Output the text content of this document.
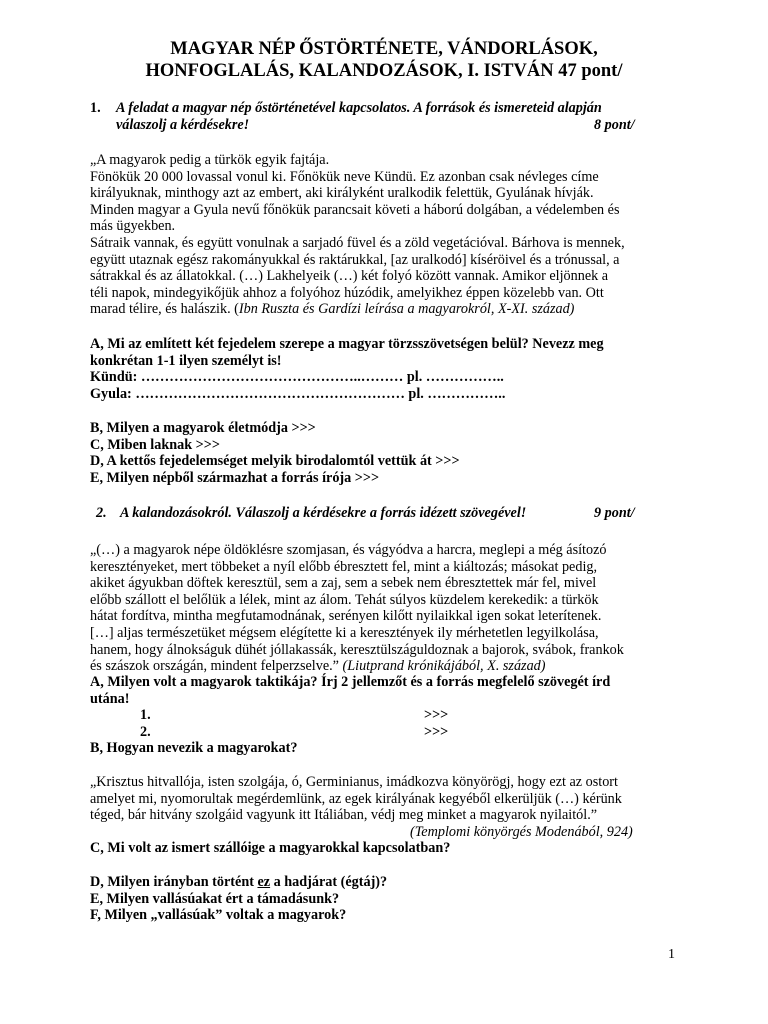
MAGYAR NÉP ŐSTÖRTÉNETE, VÁNDORLÁSOK,
HONFOGLALÁS, KALANDOZÁSOK, I. ISTVÁN 47 pont/
1. A feladat a magyar nép őstörténetével kapcsolatos. A források és ismereteid alapján
válaszolj a kérdésekre!	8 pont/
„A magyarok pedig a türkök egyik fajtája.
Fönökük 20 000 lovassal vonul ki. Főnökük neve Kündü. Ez azonban csak névleges címe
királyuknak, minthogy azt az embert, aki királyként uralkodik felettük, Gyulának hívják.
Minden magyar a Gyula nevű főnökük parancsait követi a háború dolgában, a védelemben és
más ügyekben.
Sátraik vannak, és együtt vonulnak a sarjadó füvel és a zöld vegetációval. Bárhova is mennek,
együtt utaznak egész rakományukkal és raktárukkal, [az uralkodó] kíséröivel és a trónussal, a
sátrakkal és az állatokkal. (…) Lakhelyeik (…) két folyó között vannak. Amikor eljönnek a
téli napok, mindegyikőjük ahhoz a folyóhoz húzódik, amelyikhez éppen közelebb van. Ott
marad télire, és halászik. (Ibn Ruszta és Gardízi leírása a magyarokról, X-XI. század)
A, Mi az említett két fejedelem szerepe a magyar törzsszövetségen belül? Nevezz meg
konkrétan 1-1 ilyen személyt is!
Kündü: ………………………………………..……… pl. ……………..
Gyula: ………………………………………………… pl. ……………..
B, Milyen a magyarok életmódja >>>
C, Miben laknak >>>
D, A kettős fejedelemséget melyik birodalomtól vettük át >>>
E, Milyen népből származhat a forrás írója >>>
2. A kalandozásokról. Válaszolj a kérdésekre a forrás idézett szövegével!	9 pont/
„(…) a magyarok népe öldöklésre szomjasan, és vágyódva a harcra, meglepi a még ásítozó
keresztényeket, mert többeket a nyíl előbb ébresztett fel, mint a kiáltozás; másokat pedig,
akiket ágyukban döftek keresztül, sem a zaj, sem a sebek nem ébresztettek már fel, mivel
előbb szállott el belőlük a lélek, mint az álom. Tehát súlyos küzdelem kerekedik: a türkök
hátat fordítva, mintha megfutamodnának, serényen kilőtt nyilaikkal igen sokat leterítenek.
[…] aljas természetüket mégsem elégítette ki a keresztények ily mérhetetlen legyilkolása,
hanem, hogy álnokságuk dühét jóllakassák, keresztülszáguldoznak a bajorok, svábok, frankok
és szászok országán, mindent felperzselve.” (Liutprand krónikájából, X. század)
A, Milyen volt a magyarok taktikája? Írj 2 jellemzőt és a forrás megfelelő szövegét írd
utána!
1.	>>>
2.	>>>
B, Hogyan nevezik a magyarokat?
„Krisztus hitvallója, isten szolgája, ó, Germinianus, imádkozva könyörögj, hogy ezt az ostort
amelyet mi, nyomorultak megérdemlünk, az egek királyának kegyéből elkerüljük (…) kérünk
téged, bár hitvány szolgáid vagyunk itt Itáliában, védj meg minket a magyarok nyilaitól.”
(Templomi könyörgés Modenából, 924)
C, Mi volt az ismert szállóige a magyarokkal kapcsolatban?
D, Milyen irányban történt ez a hadjárat (égtáj)?
E, Milyen vallásúakat ért a támadásunk?
F, Milyen „vallásúak” voltak a magyarok?
1
